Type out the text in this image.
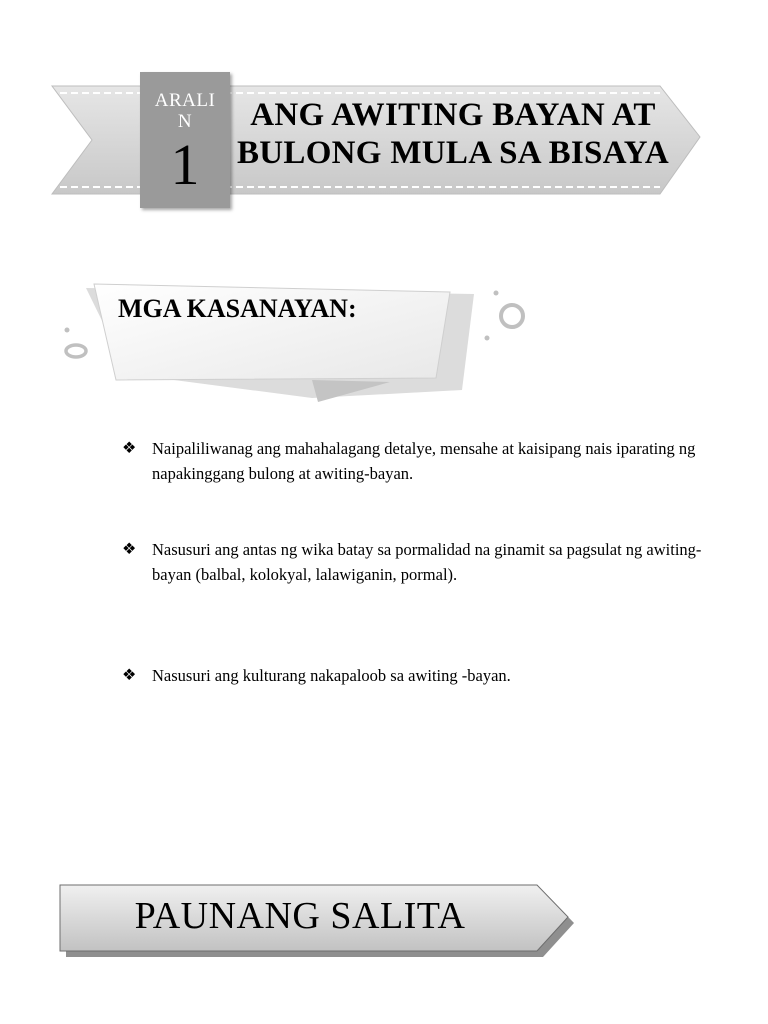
ARALIN
1
ANG AWITING BAYAN AT BULONG MULA SA BISAYA
MGA KASANAYAN:
❖ Naipaliliwanag ang mahahalagang detalye, mensahe at kaisipang nais iparating ng napakinggang bulong at awiting-bayan.
❖ Nasusuri ang antas ng wika batay sa pormalidad na ginamit sa pagsulat ng awiting-bayan (balbal, kolokyal, lalawiganin, pormal).
❖ Nasusuri ang kulturang nakapaloob sa awiting -bayan.
PAUNANG SALITA
